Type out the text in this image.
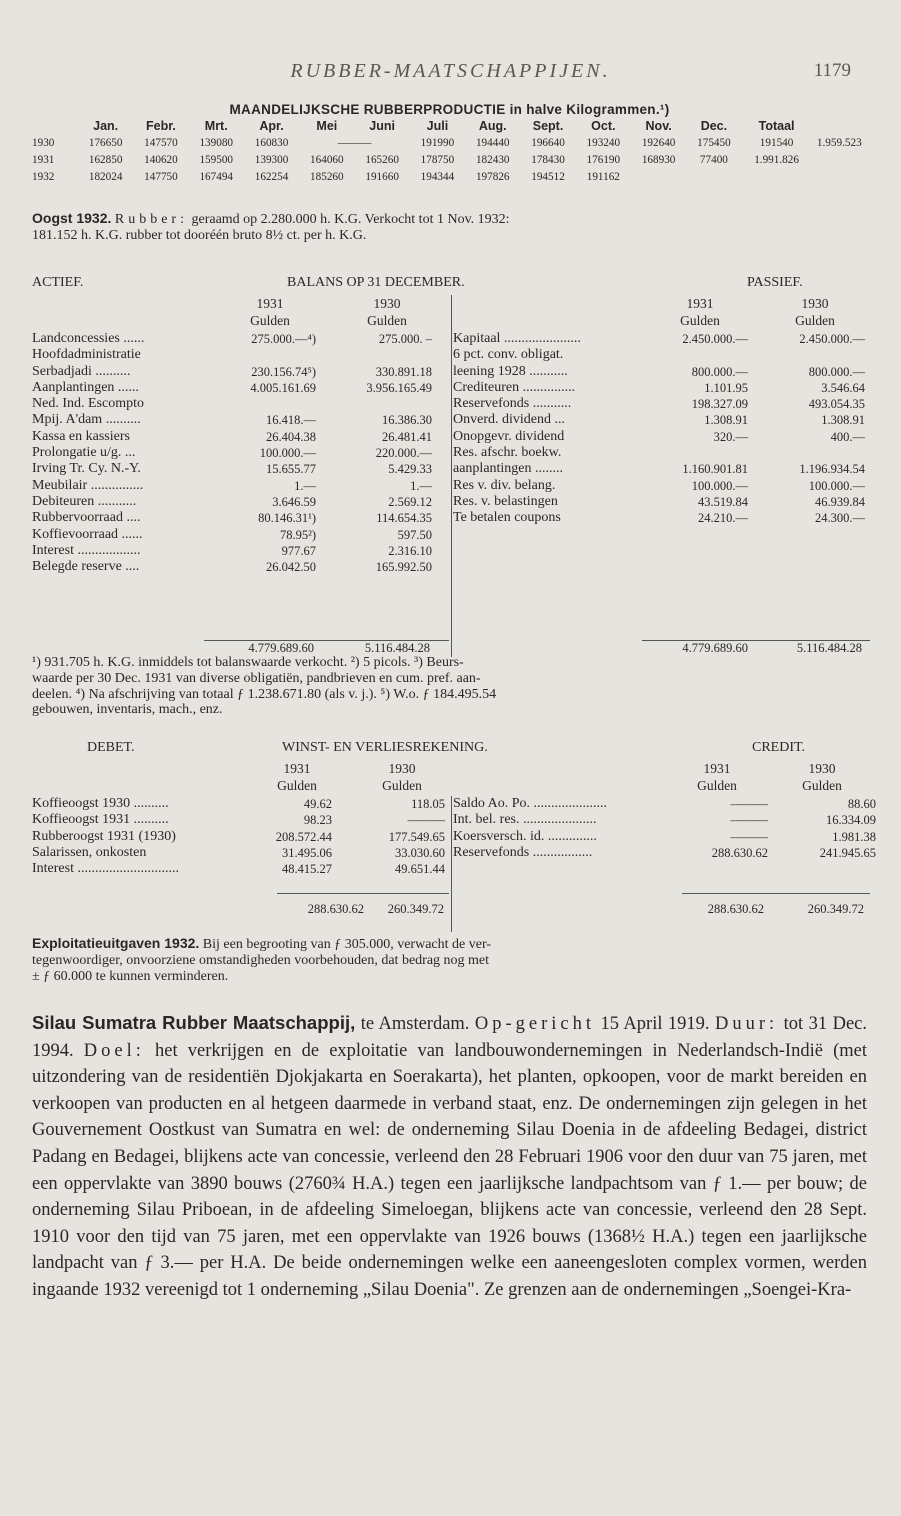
RUBBER-MAATSCHAPPIJEN.	1179
MAANDELIJKSCHE RUBBERPRODUCTIE in halve Kilogrammen.¹)
	Jan.	Febr.	Mrt.	Apr.	Mei	Juni	Juli	Aug.	Sept.	Oct.	Nov.	Dec.	Totaal	
1930	176650	147570	139080	160830	———		191990	194440	196640	193240	192640	175450	191540	1.959.523
1931	162850	140620	159500	139300	164060	165260	178750	182430	178430	176190	168930	77400	1.991.826	
1932	182024	147750	167494	162254	185260	191660	194344	197826	194512	191162				
Oogst 1932. Rubber: geraamd op 2.280.000 h. K.G. Verkocht tot 1 Nov. 1932:
181.152 h. K.G. rubber tot dooréén bruto 8½ ct. per h. K.G.
ACTIEF.	BALANS OP 31 DECEMBER.	PASSIEF.
1931
Gulden
1930
Gulden
1931
Gulden
1930
Gulden
Landconcessies ......	275.000.—⁴)	275.000. –
Hoofdadministratie
Serbadjadi ..........	230.156.74⁵)	330.891.18
Aanplantingen ......	4.005.161.69	3.956.165.49
Ned. Ind. Escompto
Mpij. A'dam ..........	16.418.—	16.386.30
Kassa en kassiers	26.404.38	26.481.41
Prolongatie u/g. ...	100.000.—	220.000.—
Irving Tr. Cy. N.-Y.	15.655.77	5.429.33
Meubilair ...............	1.—	1.—
Debiteuren ...........	3.646.59	2.569.12
Rubbervoorraad ....	80.146.31¹)	114.654.35
Koffievoorraad ......	78.95²)	597.50
Interest ..................	977.67	2.316.10
Belegde reserve ....	26.042.50	165.992.50
Kapitaal ......................	2.450.000.—	2.450.000.—
6 pct. conv. obligat.
leening 1928 ...........	800.000.—	800.000.—
Crediteuren ...............	1.101.95	3.546.64
Reservefonds ...........	198.327.09	493.054.35
Onverd. dividend ...	1.308.91	1.308.91
Onopgevr. dividend	320.—	400.—
Res. afschr. boekw.
aanplantingen ........	1.160.901.81	1.196.934.54
Res v. div. belang.	100.000.—	100.000.—
Res. v. belastingen	43.519.84	46.939.84
Te betalen coupons	24.210.—	24.300.—
4.779.689.60	5.116.484.28	4.779.689.60	5.116.484.28
¹) 931.705 h. K.G. inmiddels tot balanswaarde verkocht. ²) 5 picols. ³) Beurs-
waarde per 30 Dec. 1931 van diverse obligatiën, pandbrieven en cum. pref. aan-
deelen. ⁴) Na afschrijving van totaal ƒ 1.238.671.80 (als v. j.). ⁵) W.o. ƒ 184.495.54
gebouwen, inventaris, mach., enz.
DEBET.	WINST- EN VERLIESREKENING.	CREDIT.
1931
Gulden
1930
Gulden
1931
Gulden
1930
Gulden
Koffieoogst 1930 ..........	49.62	118.05
Koffieoogst 1931 ..........	98.23	———
Rubberoogst 1931 (1930)	208.572.44	177.549.65
Salarissen, onkosten	31.495.06	33.030.60
Interest .............................	48.415.27	49.651.44
Saldo Ao. Po. .....................	———	88.60
Int. bel. res. .....................	———	16.334.09
Koersversch. id. ..............	———	1.981.38
Reservefonds .................	288.630.62	241.945.65
288.630.62	260.349.72	288.630.62	260.349.72
Exploitatieuitgaven 1932. Bij een begrooting van ƒ 305.000, verwacht de ver-
tegenwoordiger, onvoorziene omstandigheden voorbehouden, dat bedrag nog met
± ƒ 60.000 te kunnen verminderen.
Silau Sumatra Rubber Maatschappij, te Amsterdam. Op-gericht 15 April 1919. Duur: tot 31 Dec. 1994. Doel: het verkrijgen en de exploitatie van landbouwondernemingen in Nederlandsch-Indië (met uitzondering van de residentiën Djokjakarta en Soerakarta), het planten, opkoopen, voor de markt bereiden en verkoopen van producten en al hetgeen daarmede in verband staat, enz. De ondernemingen zijn gelegen in het Gouvernement Oostkust van Sumatra en wel: de onderneming Silau Doenia in de afdeeling Bedagei, district Padang en Bedagei, blijkens acte van concessie, verleend den 28 Februari 1906 voor den duur van 75 jaren, met een oppervlakte van 3890 bouws (2760¾ H.A.) tegen een jaarlijksche landpachtsom van ƒ 1.— per bouw; de onderneming Silau Priboean, in de afdeeling Simeloegan, blijkens acte van concessie, verleend den 28 Sept. 1910 voor den tijd van 75 jaren, met een oppervlakte van 1926 bouws (1368½ H.A.) tegen een jaarlijksche landpacht van ƒ 3.— per H.A. De beide ondernemingen welke een aaneengesloten complex vormen, werden ingaande 1932 vereenigd tot 1 onderneming „Silau Doenia". Ze grenzen aan de ondernemingen „Soengei-Kra-
